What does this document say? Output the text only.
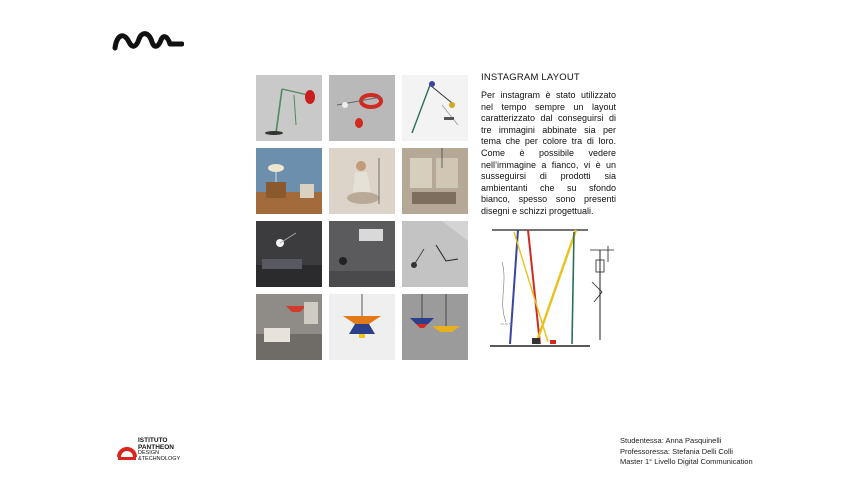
INSTAGRAM LAYOUT

Per instagram è stato utilizzato nel tempo sempre un layout caratterizzato dal conseguirsi di tre immagini abbinate sia per tema che per colore tra di loro. Come è possibile vedere nell’immagine a fianco, vi è un susseguirsi di prodotti sia ambientanti che su sfondo bianco, spesso sono presenti disegni e schizzi progettuali.

~~~
ISTITUTO
PANTHEON
DESIGN
&TECHNOLOGY
Studentessa: Anna Pasquinelli
Professoressa: Stefania Delli Colli
Master 1° Livello Digital Communication
